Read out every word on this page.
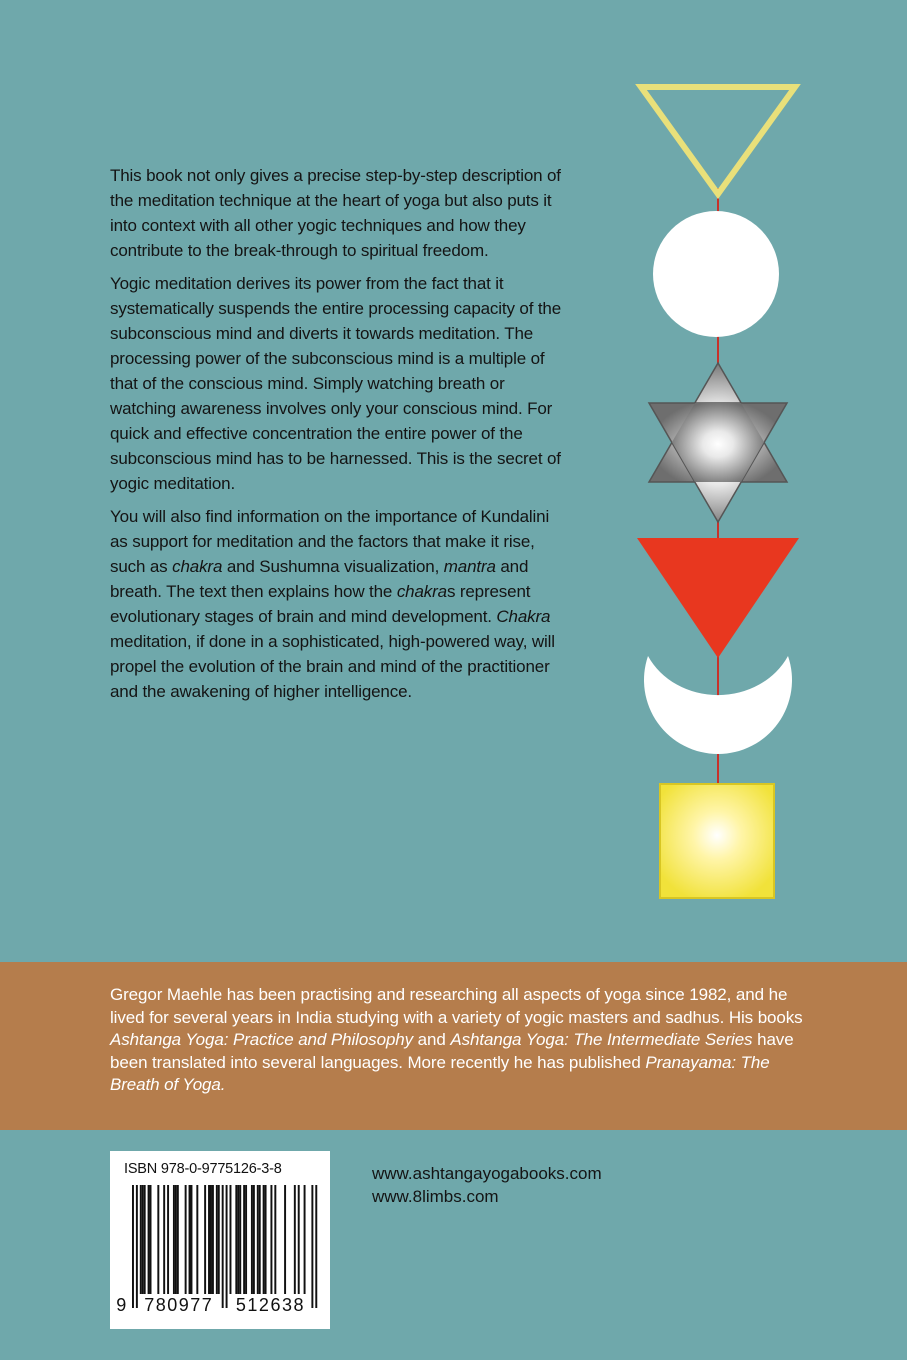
This book not only gives a precise step-by-step description of the meditation technique at the heart of yoga but also puts it into context with all other yogic techniques and how they contribute to the break-through to spiritual freedom.

Yogic meditation derives its power from the fact that it systematically suspends the entire processing capacity of the subconscious mind and diverts it towards meditation. The processing power of the subconscious mind is a multiple of that of the conscious mind. Simply watching breath or watching awareness involves only your conscious mind. For quick and effective concentration the entire power of the subconscious mind has to be harnessed. This is the secret of yogic meditation.

You will also find information on the importance of Kundalini as support for meditation and the factors that make it rise, such as chakra and Sushumna visualization, mantra and breath. The text then explains how the chakras represent evolutionary stages of brain and mind development. Chakra meditation, if done in a sophisticated, high-powered way, will propel the evolution of the brain and mind of the practitioner and the awakening of higher intelligence.

Gregor Maehle has been practising and researching all aspects of yoga since 1982, and he lived for several years in India studying with a variety of yogic masters and sadhus. His books Ashtanga Yoga: Practice and Philosophy and Ashtanga Yoga: The Intermediate Series have been translated into several languages. More recently he has published Pranayama: The Breath of Yoga.

ISBN 978-0-9775126-3-8
9 780977 512638
www.ashtangayogabooks.com
www.8limbs.com
